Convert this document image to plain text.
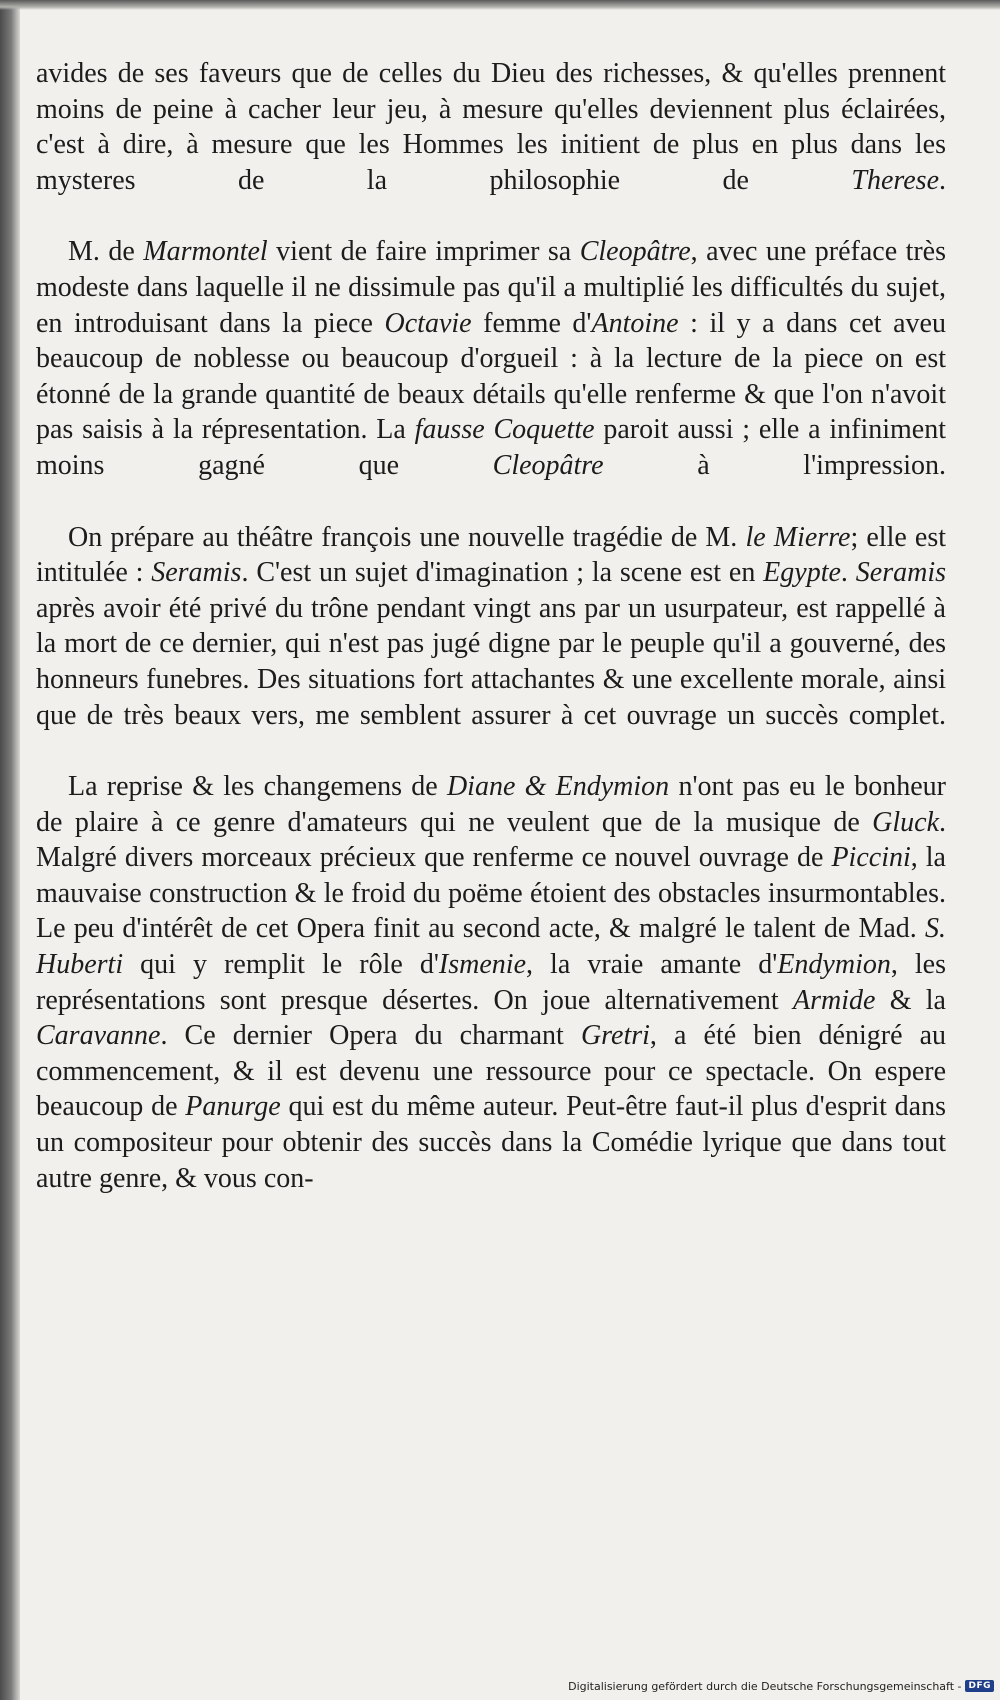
avides de ses faveurs que de celles du Dieu des richesses, & qu'elles prennent moins de peine à cacher leur jeu, à mesure qu'elles deviennent plus éclairées, c'est à dire, à mesure que les Hommes les initient de plus en plus dans les mysteres de la philosophie de Therese.

M. de Marmontel vient de faire imprimer sa Cleopâtre, avec une préface très modeste dans laquelle il ne dissimule pas qu'il a multiplié les difficultés du sujet, en introduisant dans la piece Octavie femme d'Antoine : il y a dans cet aveu beaucoup de noblesse ou beaucoup d'orgueil : à la lecture de la piece on est étonné de la grande quantité de beaux détails qu'elle renferme & que l'on n'avoit pas saisis à la répresentation. La fausse Coquette paroit aussi ; elle a infiniment moins gagné que Cleopâtre à l'impression.

On prépare au théâtre françois une nouvelle tragédie de M. le Mierre; elle est intitulée : Seramis. C'est un sujet d'imagination ; la scene est en Egypte. Seramis après avoir été privé du trône pendant vingt ans par un usurpateur, est rappellé à la mort de ce dernier, qui n'est pas jugé digne par le peuple qu'il a gouverné, des honneurs funebres. Des situations fort attachantes & une excellente morale, ainsi que de très beaux vers, me semblent assurer à cet ouvrage un succès complet.

La reprise & les changemens de Diane & Endymion n'ont pas eu le bonheur de plaire à ce genre d'amateurs qui ne veulent que de la musique de Gluck. Malgré divers morceaux précieux que renferme ce nouvel ouvrage de Piccini, la mauvaise construction & le froid du poëme étoient des obstacles insurmontables. Le peu d'intérêt de cet Opera finit au second acte, & malgré le talent de Mad. S. Huberti qui y remplit le rôle d'Ismenie, la vraie amante d'Endymion, les représentations sont presque désertes. On joue alternativement Armide & la Caravanne. Ce dernier Opera du charmant Gretri, a été bien dénigré au commencement, & il est devenu une ressource pour ce spectacle. On espere beaucoup de Panurge qui est du même auteur. Peut-être faut-il plus d'esprit dans un compositeur pour obtenir des succès dans la Comédie lyrique que dans tout autre genre, & vous con-

Digitalisierung gefördert durch die Deutsche Forschungsgemeinschaft - DFG
